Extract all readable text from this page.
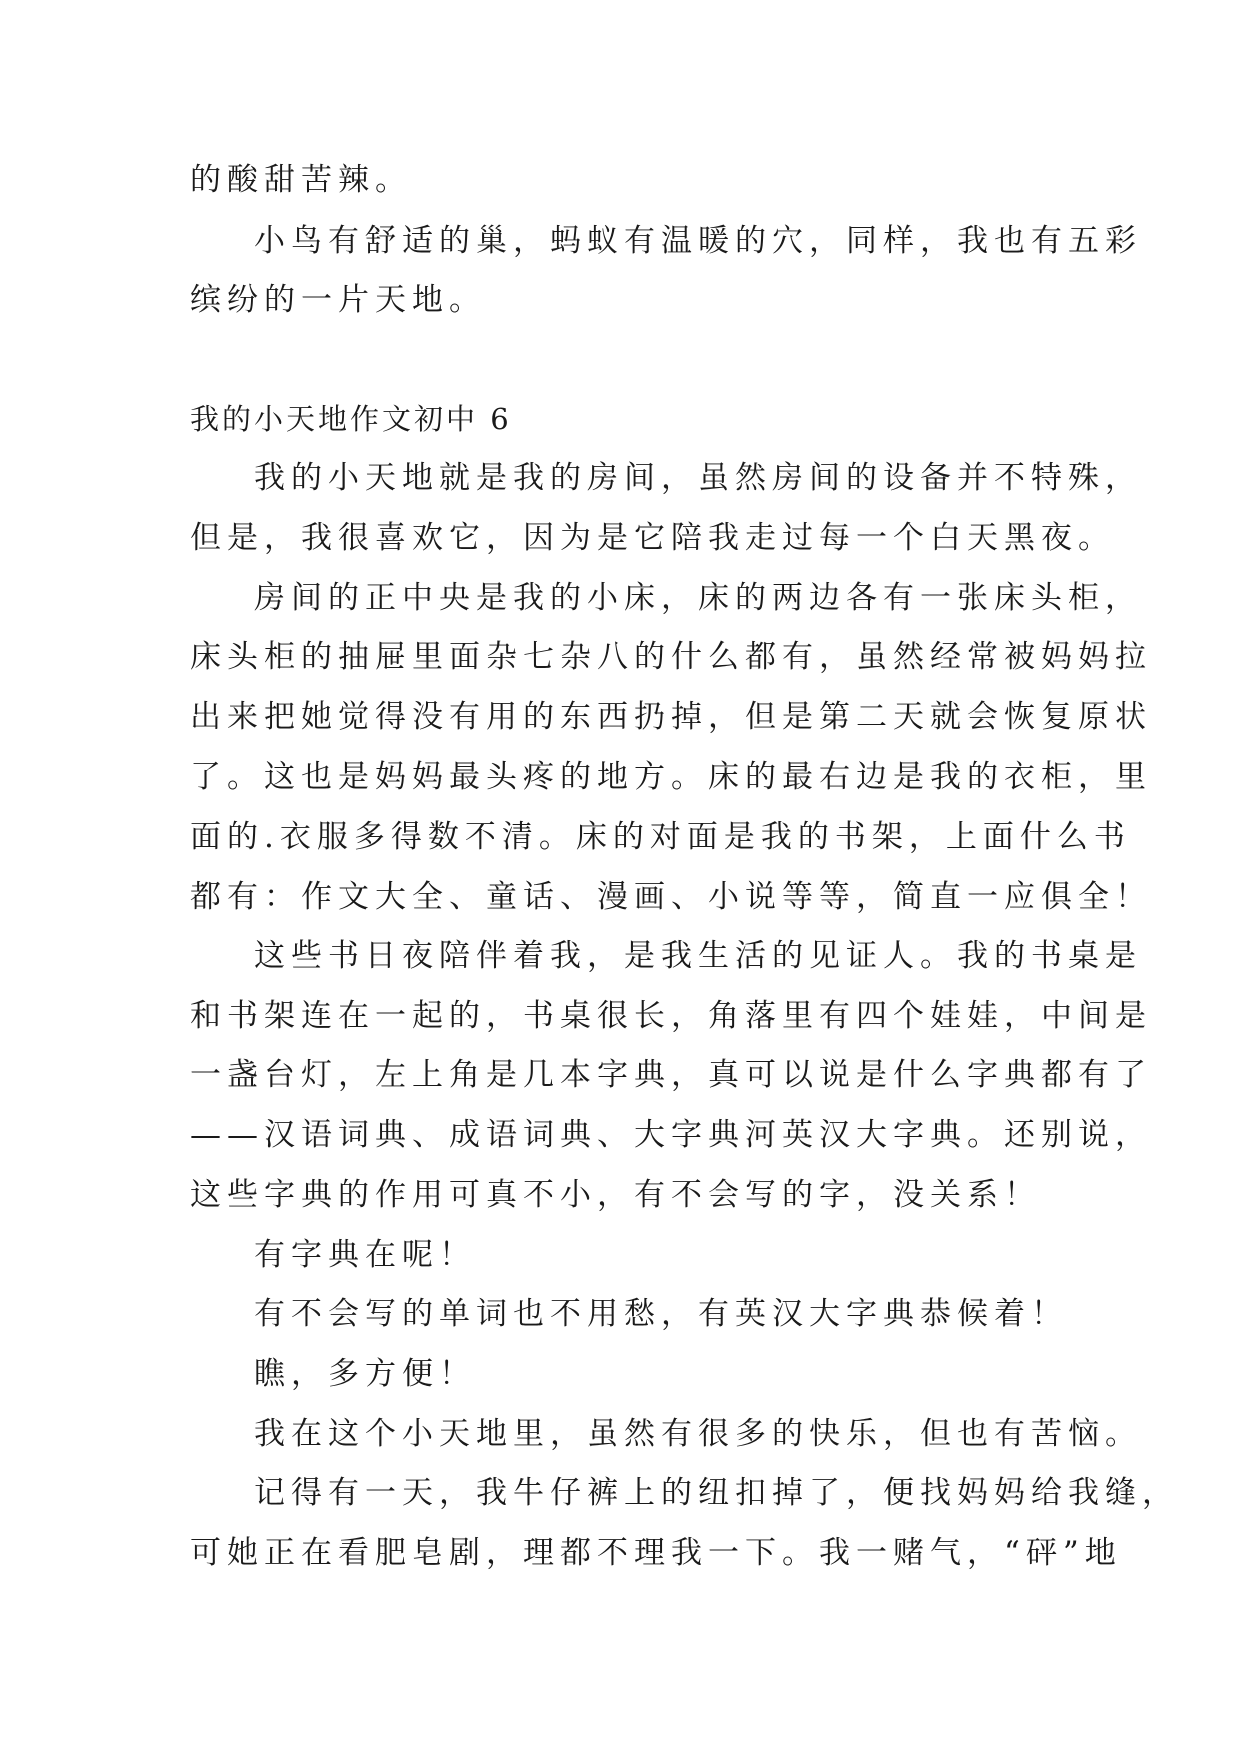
的酸甜苦辣。
小鸟有舒适的巢，蚂蚁有温暖的穴，同样，我也有五彩
缤纷的一片天地。
我的小天地作文初中 6
我的小天地就是我的房间，虽然房间的设备并不特殊，
但是，我很喜欢它，因为是它陪我走过每一个白天黑夜。
房间的正中央是我的小床，床的两边各有一张床头柜，
床头柜的抽屉里面杂七杂八的什么都有，虽然经常被妈妈拉
出来把她觉得没有用的东西扔掉，但是第二天就会恢复原状
了。这也是妈妈最头疼的地方。床的最右边是我的衣柜，里
面的.衣服多得数不清。床的对面是我的书架，上面什么书
都有：作文大全、童话、漫画、小说等等，简直一应俱全！
这些书日夜陪伴着我，是我生活的见证人。我的书桌是
和书架连在一起的，书桌很长，角落里有四个娃娃，中间是
一盏台灯，左上角是几本字典，真可以说是什么字典都有了
——汉语词典、成语词典、大字典河英汉大字典。还别说，
这些字典的作用可真不小，有不会写的字，没关系！
有字典在呢！
有不会写的单词也不用愁，有英汉大字典恭候着！
瞧，多方便！
我在这个小天地里，虽然有很多的快乐，但也有苦恼。
记得有一天，我牛仔裤上的纽扣掉了，便找妈妈给我缝，
可她正在看肥皂剧，理都不理我一下。我一赌气，“砰”地
